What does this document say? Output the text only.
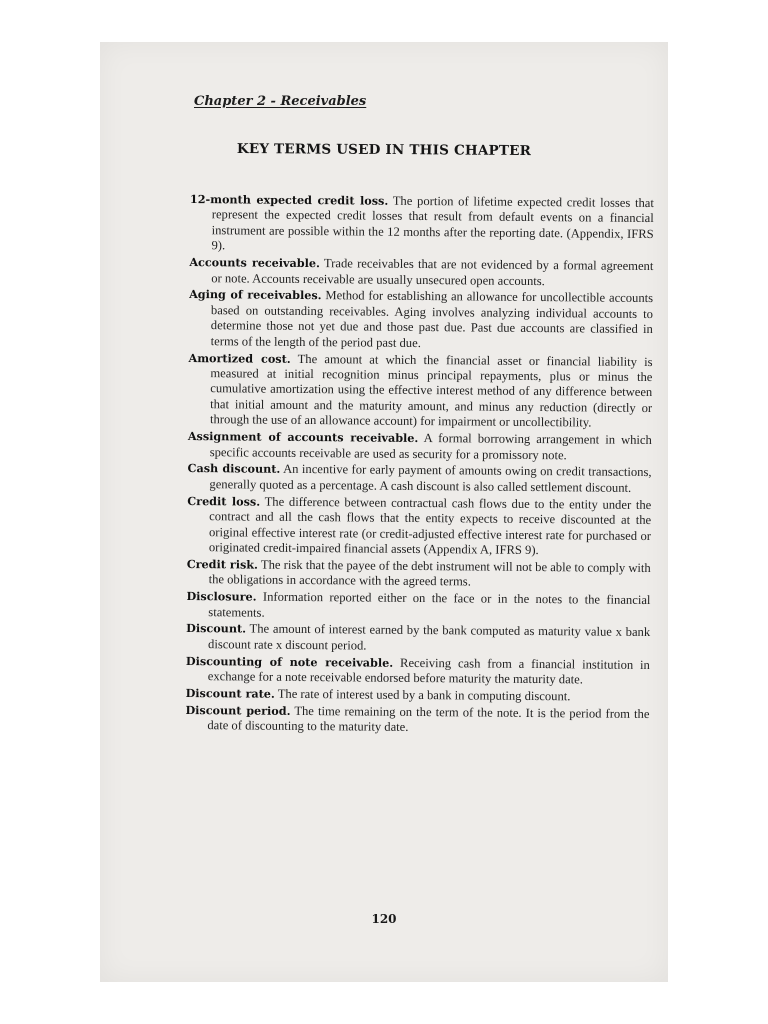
Chapter 2 - Receivables
KEY TERMS USED IN THIS CHAPTER

12-month expected credit loss. The portion of lifetime expected credit losses that represent the expected credit losses that result from default events on a financial instrument are possible within the 12 months after the reporting date. (Appendix, IFRS 9).

Accounts receivable. Trade receivables that are not evidenced by a formal agreement or note. Accounts receivable are usually unsecured open accounts.

Aging of receivables. Method for establishing an allowance for uncollectible accounts based on outstanding receivables. Aging involves analyzing individual accounts to determine those not yet due and those past due. Past due accounts are classified in terms of the length of the period past due.

Amortized cost. The amount at which the financial asset or financial liability is measured at initial recognition minus principal repayments, plus or minus the cumulative amortization using the effective interest method of any difference between that initial amount and the maturity amount, and minus any reduction (directly or through the use of an allowance account) for impairment or uncollectibility.

Assignment of accounts receivable. A formal borrowing arrangement in which specific accounts receivable are used as security for a promissory note.

Cash discount. An incentive for early payment of amounts owing on credit transactions, generally quoted as a percentage. A cash discount is also called settlement discount.

Credit loss. The difference between contractual cash flows due to the entity under the contract and all the cash flows that the entity expects to receive discounted at the original effective interest rate (or credit-adjusted effective interest rate for purchased or originated credit-impaired financial assets (Appendix A, IFRS 9).

Credit risk. The risk that the payee of the debt instrument will not be able to comply with the obligations in accordance with the agreed terms.

Disclosure. Information reported either on the face or in the notes to the financial statements.

Discount. The amount of interest earned by the bank computed as maturity value x bank discount rate x discount period.

Discounting of note receivable. Receiving cash from a financial institution in exchange for a note receivable endorsed before maturity the maturity date.

Discount rate. The rate of interest used by a bank in computing discount.

Discount period. The time remaining on the term of the note. It is the period from the date of discounting to the maturity date.

120
